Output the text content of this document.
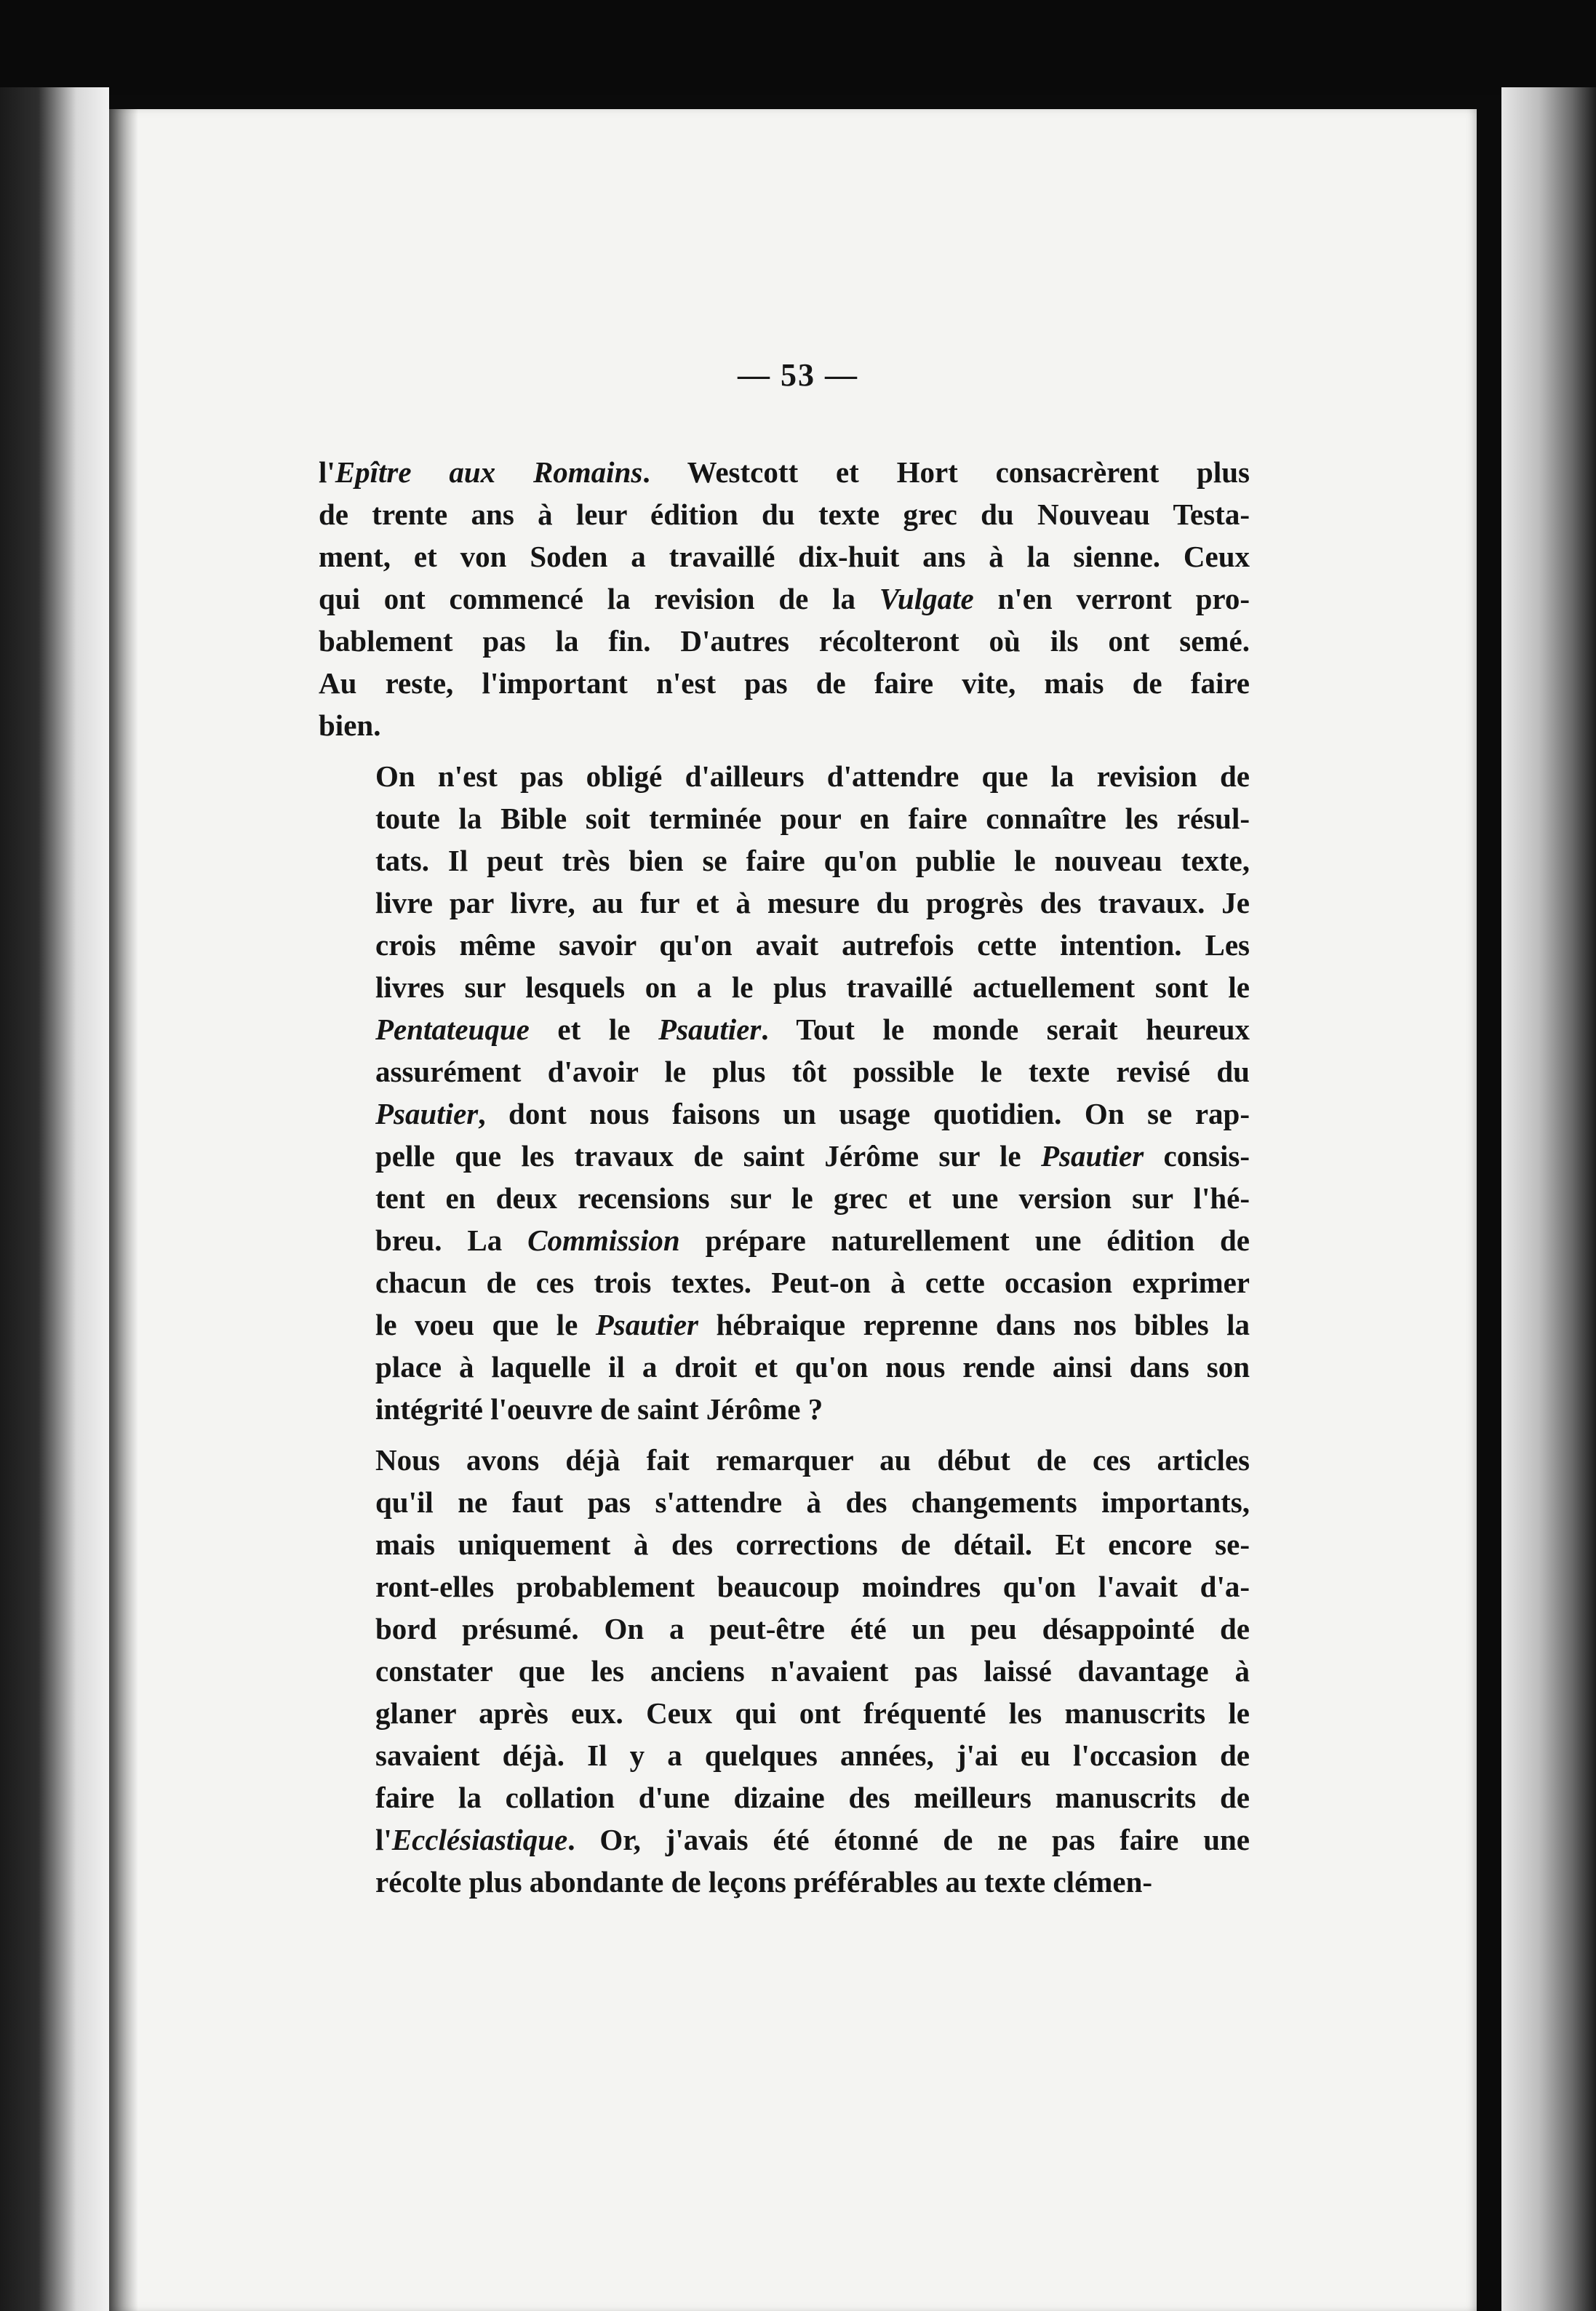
— 53 —
l'Epître aux Romains. Westcott et Hort consacrèrent plus
de trente ans à leur édition du texte grec du Nouveau Testa-
ment, et von Soden a travaillé dix-huit ans à la sienne. Ceux
qui ont commencé la revision de la Vulgate n'en verront pro-
bablement pas la fin. D'autres récolteront où ils ont semé.
Au reste, l'important n'est pas de faire vite, mais de faire
bien.
On n'est pas obligé d'ailleurs d'attendre que la revision de
toute la Bible soit terminée pour en faire connaître les résul-
tats. Il peut très bien se faire qu'on publie le nouveau texte,
livre par livre, au fur et à mesure du progrès des travaux. Je
crois même savoir qu'on avait autrefois cette intention. Les
livres sur lesquels on a le plus travaillé actuellement sont le
Pentateuque et le Psautier. Tout le monde serait heureux
assurément d'avoir le plus tôt possible le texte revisé du
Psautier, dont nous faisons un usage quotidien. On se rap-
pelle que les travaux de saint Jérôme sur le Psautier consis-
tent en deux recensions sur le grec et une version sur l'hé-
breu. La Commission prépare naturellement une édition de
chacun de ces trois textes. Peut-on à cette occasion exprimer
le voeu que le Psautier hébraique reprenne dans nos bibles la
place à laquelle il a droit et qu'on nous rende ainsi dans son
intégrité l'oeuvre de saint Jérôme ?
Nous avons déjà fait remarquer au début de ces articles
qu'il ne faut pas s'attendre à des changements importants,
mais uniquement à des corrections de détail. Et encore se-
ront-elles probablement beaucoup moindres qu'on l'avait d'a-
bord présumé. On a peut-être été un peu désappointé de
constater que les anciens n'avaient pas laissé davantage à
glaner après eux. Ceux qui ont fréquenté les manuscrits le
savaient déjà. Il y a quelques années, j'ai eu l'occasion de
faire la collation d'une dizaine des meilleurs manuscrits de
l'Ecclésiastique. Or, j'avais été étonné de ne pas faire une
récolte plus abondante de leçons préférables au texte clémen-
